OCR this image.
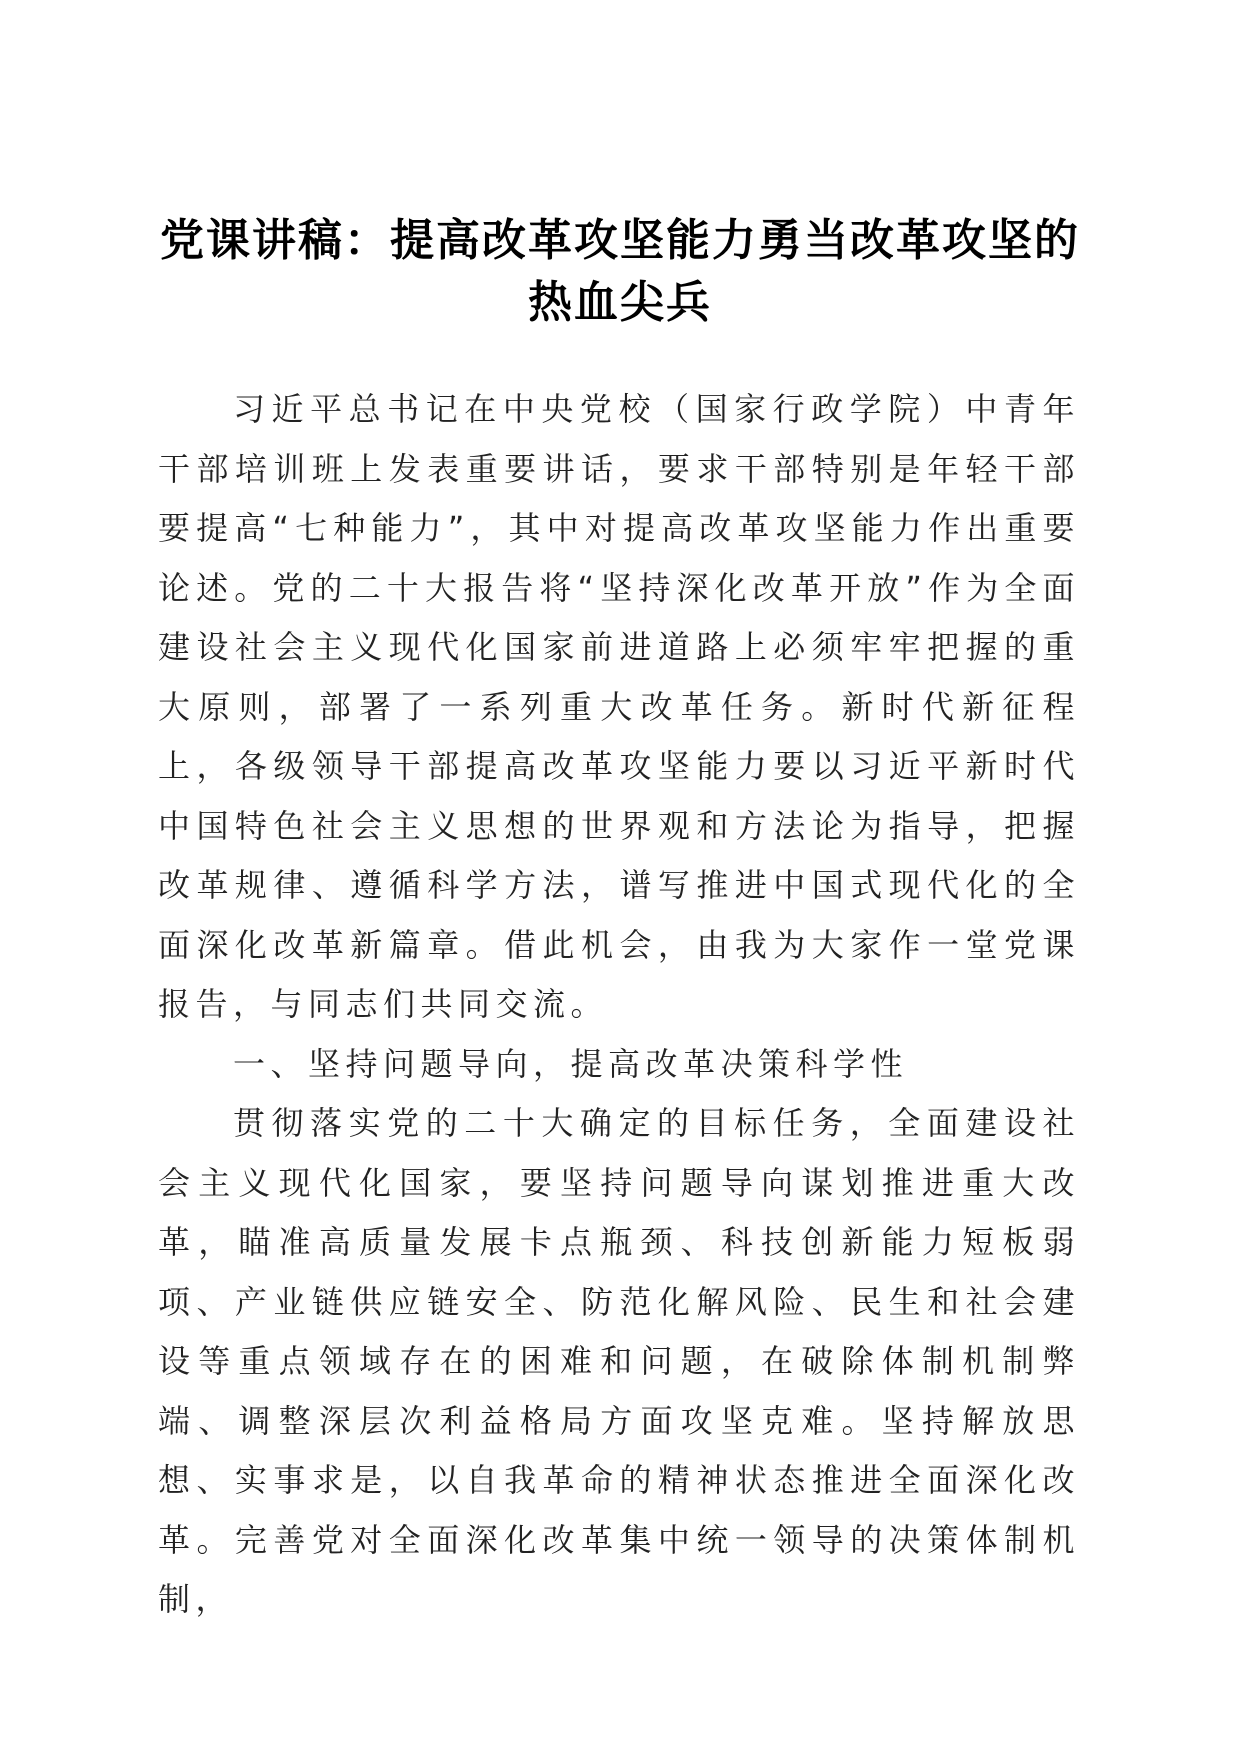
党课讲稿：提高改革攻坚能力勇当改革攻坚的
热血尖兵

习近平总书记在中央党校（国家行政学院）中青年干部培训班上发表重要讲话，要求干部特别是年轻干部要提高“七种能力”，其中对提高改革攻坚能力作出重要论述。党的二十大报告将“坚持深化改革开放”作为全面建设社会主义现代化国家前进道路上必须牢牢把握的重大原则，部署了一系列重大改革任务。新时代新征程上，各级领导干部提高改革攻坚能力要以习近平新时代中国特色社会主义思想的世界观和方法论为指导，把握改革规律、遵循科学方法，谱写推进中国式现代化的全面深化改革新篇章。借此机会，由我为大家作一堂党课报告，与同志们共同交流。

一、坚持问题导向，提高改革决策科学性

贯彻落实党的二十大确定的目标任务，全面建设社会主义现代化国家，要坚持问题导向谋划推进重大改革，瞄准高质量发展卡点瓶颈、科技创新能力短板弱项、产业链供应链安全、防范化解风险、民生和社会建设等重点领域存在的困难和问题，在破除体制机制弊端、调整深层次利益格局方面攻坚克难。坚持解放思想、实事求是，以自我革命的精神状态推进全面深化改革。完善党对全面深化改革集中统一领导的决策体制机制，
